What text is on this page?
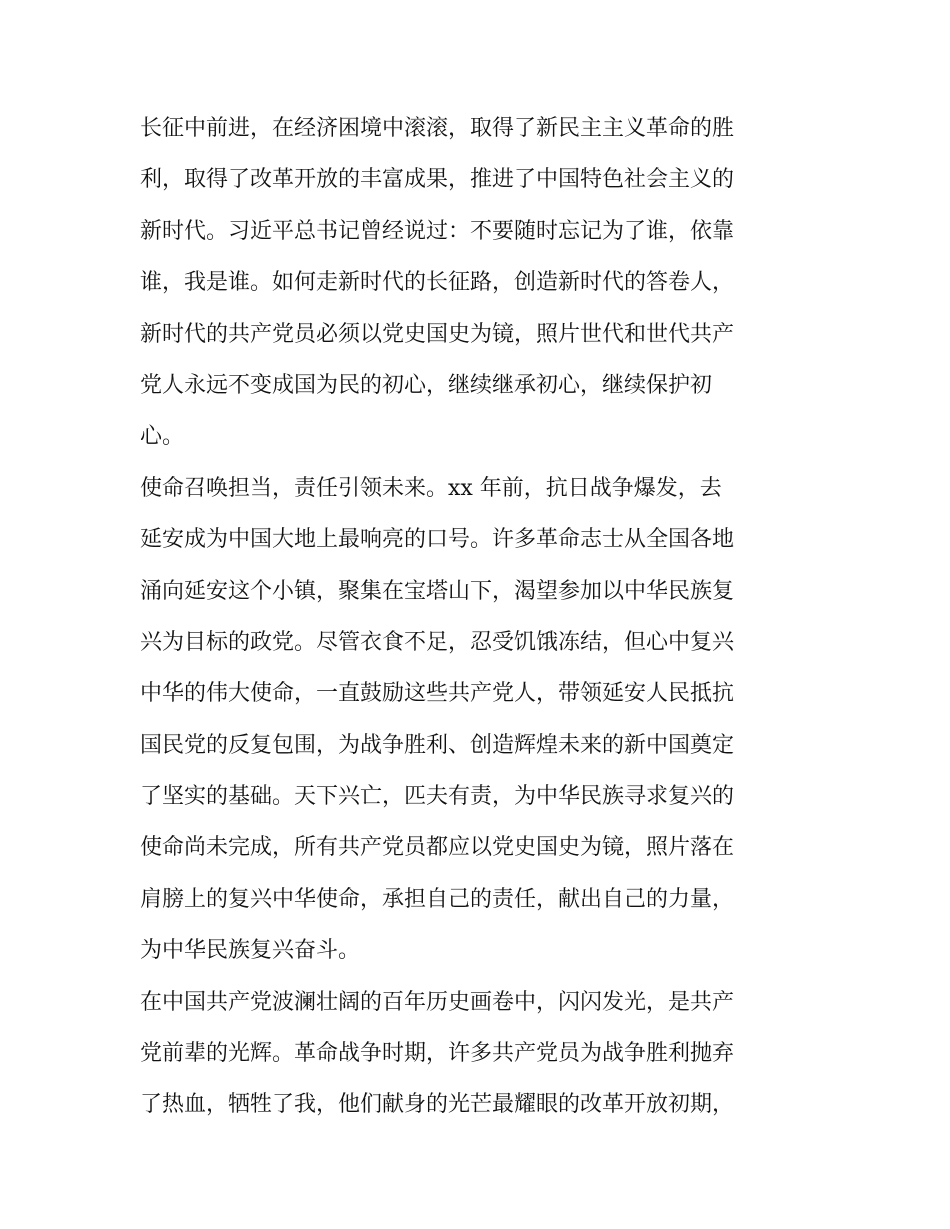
长征中前进，在经济困境中滚滚，取得了新民主主义革命的胜
利，取得了改革开放的丰富成果，推进了中国特色社会主义的
新时代。习近平总书记曾经说过：不要随时忘记为了谁，依靠
谁，我是谁。如何走新时代的长征路，创造新时代的答卷人，
新时代的共产党员必须以党史国史为镜，照片世代和世代共产
党人永远不变成国为民的初心，继续继承初心，继续保护初
心。
使命召唤担当，责任引领未来。xx 年前，抗日战争爆发，去
延安成为中国大地上最响亮的口号。许多革命志士从全国各地
涌向延安这个小镇，聚集在宝塔山下，渴望参加以中华民族复
兴为目标的政党。尽管衣食不足，忍受饥饿冻结，但心中复兴
中华的伟大使命，一直鼓励这些共产党人，带领延安人民抵抗
国民党的反复包围，为战争胜利、创造辉煌未来的新中国奠定
了坚实的基础。天下兴亡，匹夫有责，为中华民族寻求复兴的
使命尚未完成，所有共产党员都应以党史国史为镜，照片落在
肩膀上的复兴中华使命，承担自己的责任，献出自己的力量，
为中华民族复兴奋斗。
在中国共产党波澜壮阔的百年历史画卷中，闪闪发光，是共产
党前辈的光辉。革命战争时期，许多共产党员为战争胜利抛弃
了热血，牺牲了我，他们献身的光芒最耀眼的改革开放初期，
